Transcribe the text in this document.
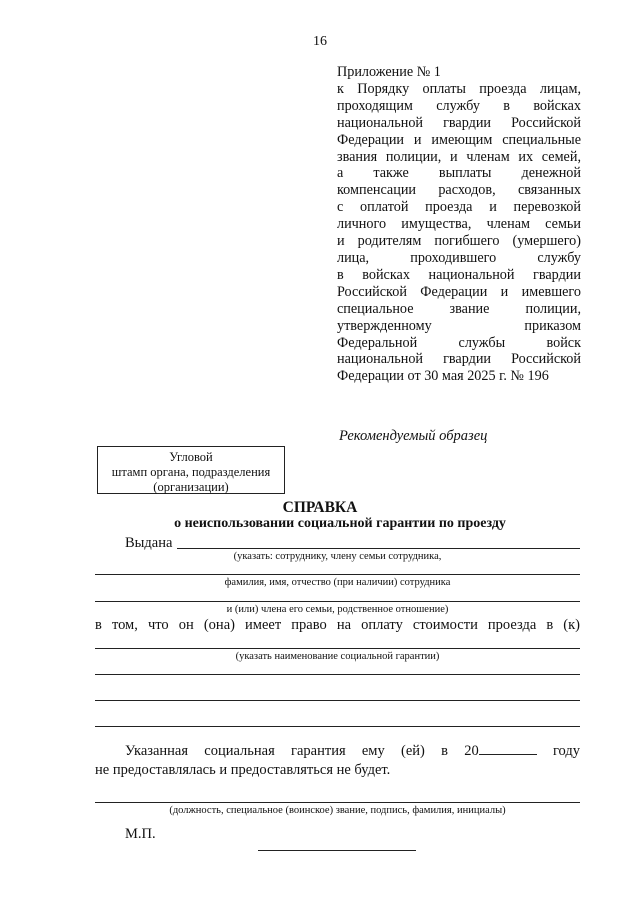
16
Приложение № 1
к Порядку оплаты проезда лицам,
проходящим службу в войсках
национальной гвардии Российской
Федерации и имеющим специальные
звания полиции, и членам их семей,
а также выплаты денежной
компенсации расходов, связанных
с оплатой проезда и перевозкой
личного имущества, членам семьи
и родителям погибшего (умершего)
лица, проходившего службу
в войсках национальной гвардии
Российской Федерации и имевшего
специальное звание полиции,
утвержденному приказом
Федеральной службы войск
национальной гвардии Российской
Федерации от 30 мая 2025 г. № 196
Рекомендуемый образец
Угловой
штамп органа, подразделения
(организации)
СПРАВКА
о неиспользовании социальной гарантии по проезду
Выдана
(указать: сотруднику, члену семьи сотрудника,
фамилия, имя, отчество (при наличии) сотрудника
и (или) члена его семьи, родственное отношение)
в том, что он (она) имеет право на оплату стоимости проезда в (к)
(указать наименование социальной гарантии)
Указанная социальная гарантия ему (ей) в 20	году
не предоставлялась и предоставляться не будет.
(должность, специальное (воинское) звание, подпись, фамилия, инициалы)
М.П.
